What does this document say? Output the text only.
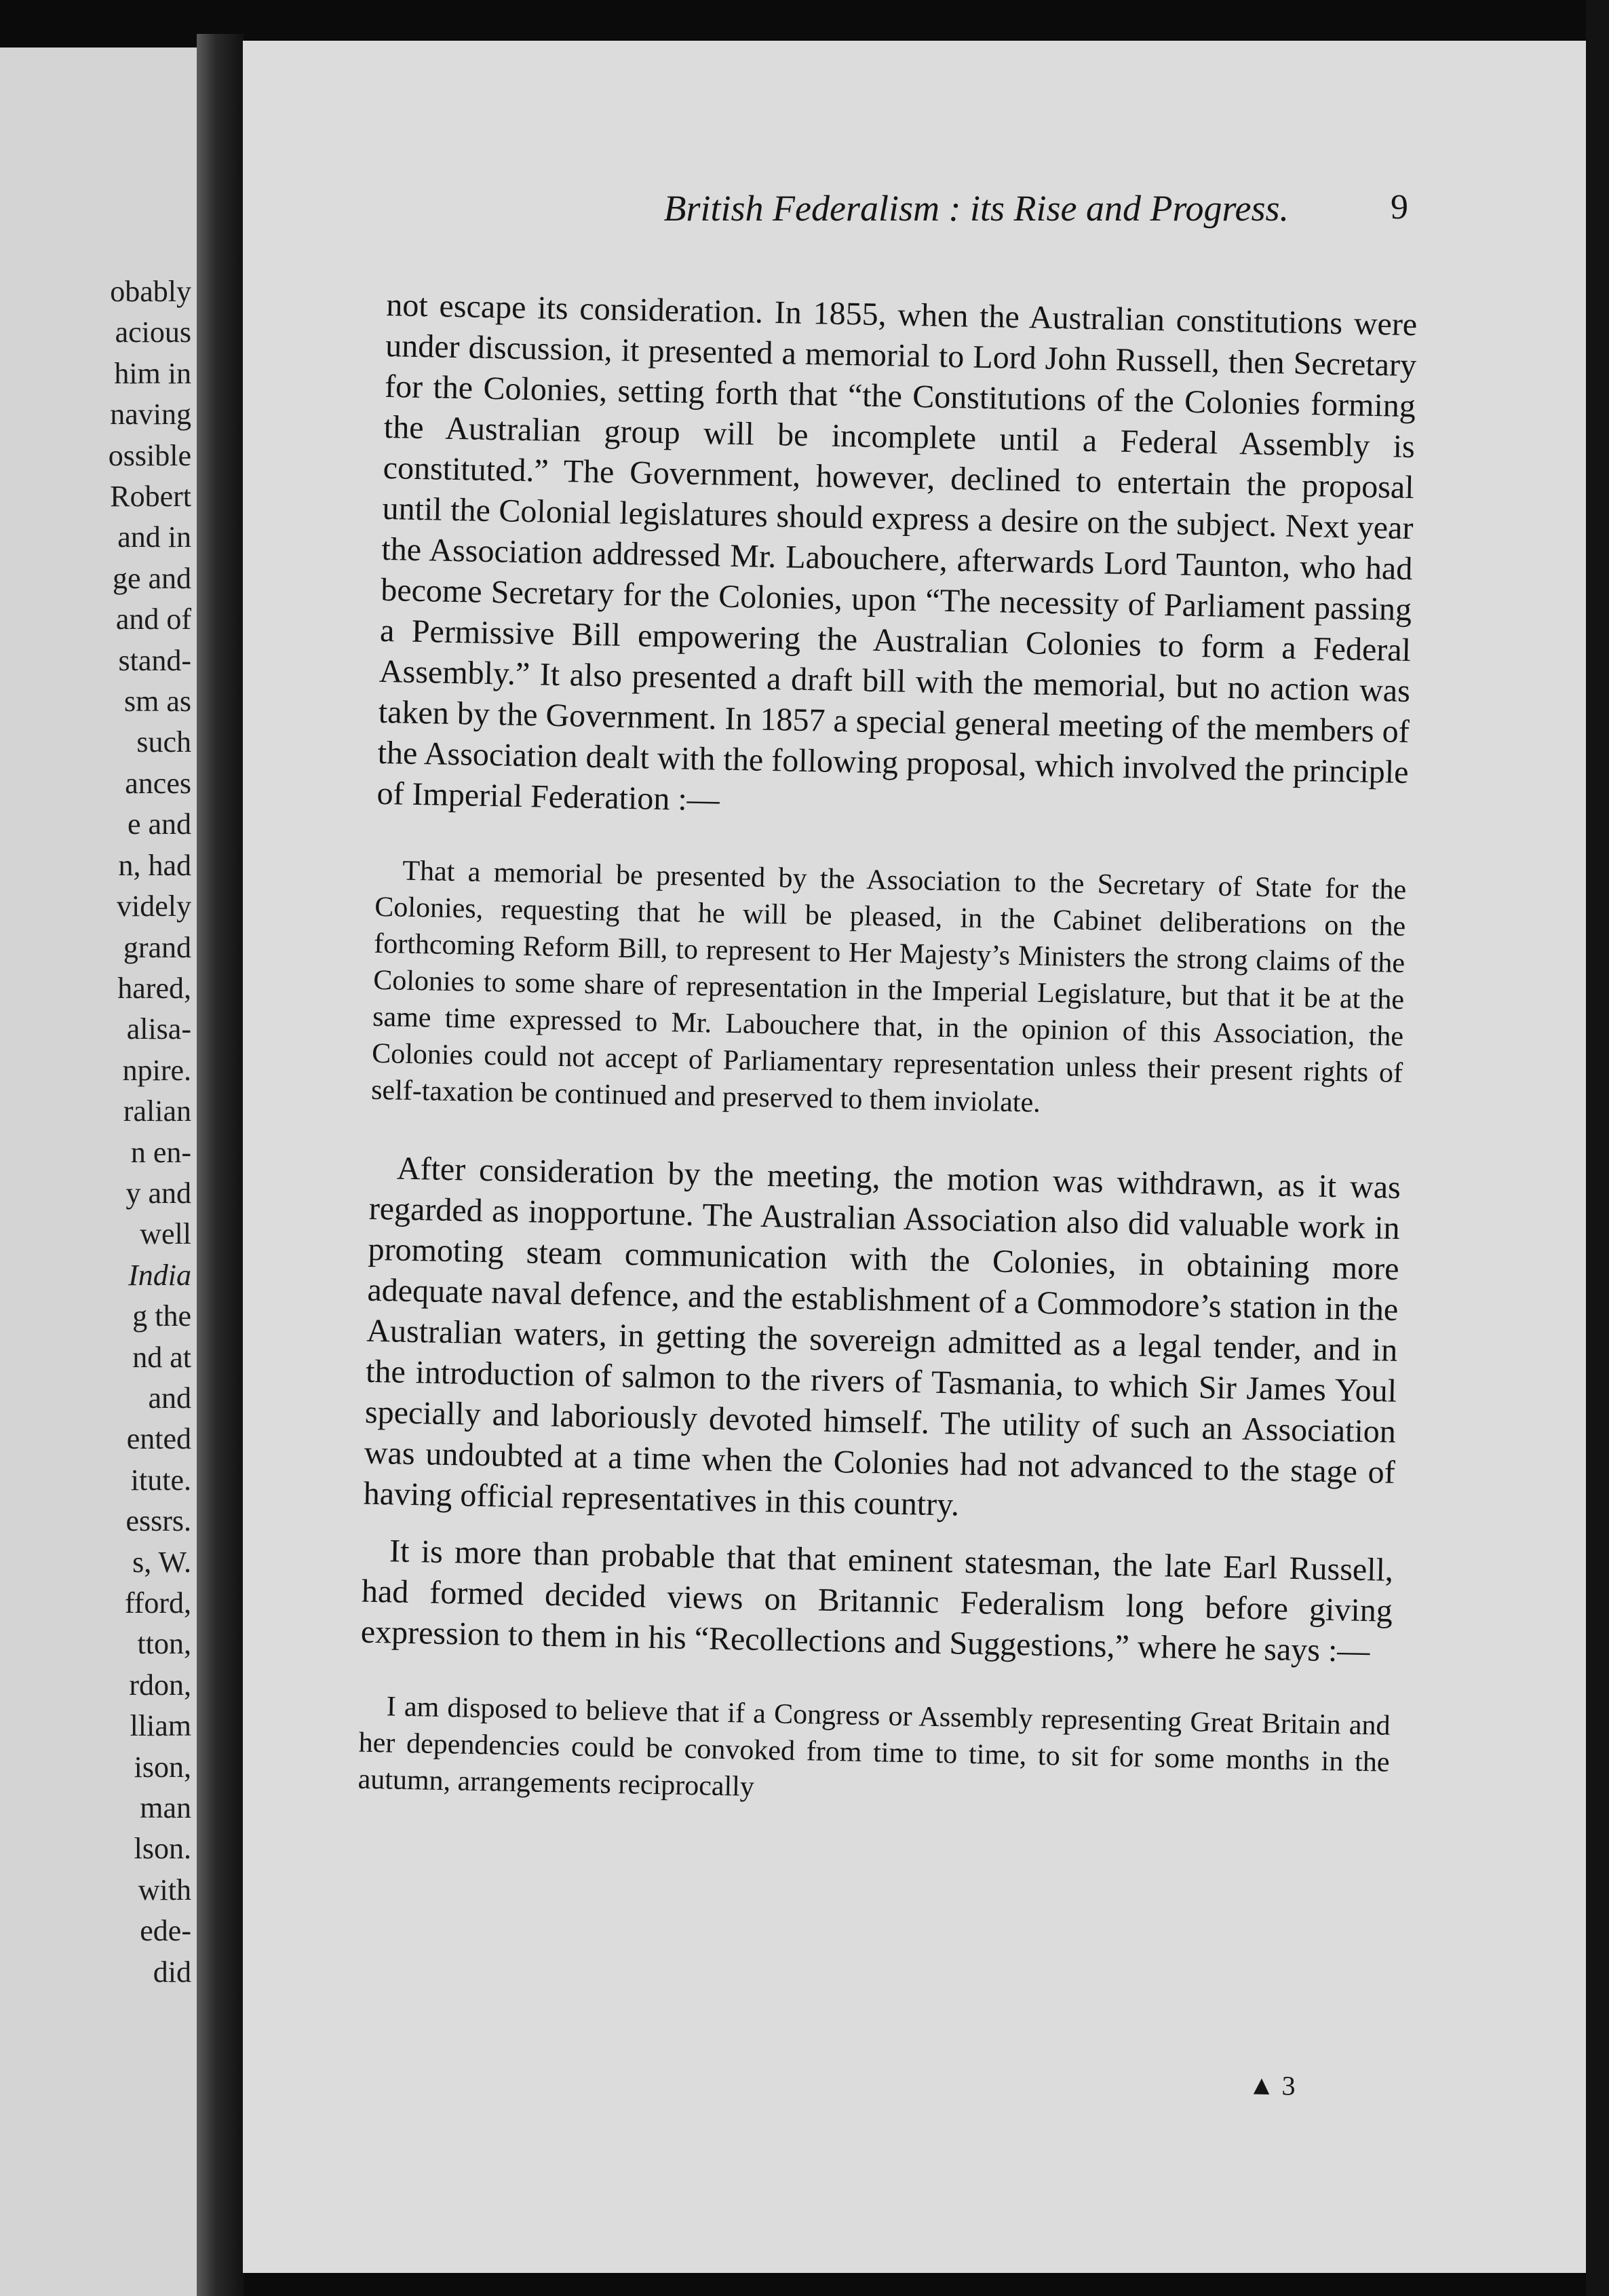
obably
acious
him in
naving
ossible
Robert
and in
ge and
and of
stand-
sm as
such
ances
e and
n, had
videly
grand
hared,
alisa-
npire.
ralian
n en-
y and
well
India
g the
nd at
and
ented
itute.
essrs.
s, W.
fford,
tton,
rdon,
lliam
ison,
man
lson.
with
ede-
did
British Federalism : its Rise and Progress.	9

not escape its consideration. In 1855, when the Australian constitutions were under discussion, it presented a memorial to Lord John Russell, then Secretary for the Colonies, setting forth that “the Constitutions of the Colonies forming the Australian group will be incomplete until a Federal Assembly is constituted.” The Government, however, declined to entertain the proposal until the Colonial legislatures should express a desire on the subject. Next year the Association addressed Mr. Labouchere, afterwards Lord Taunton, who had become Secretary for the Colonies, upon “The necessity of Parliament passing a Permissive Bill empowering the Australian Colonies to form a Federal Assembly.” It also presented a draft bill with the memorial, but no action was taken by the Government. In 1857 a special general meeting of the members of the Association dealt with the following proposal, which involved the principle of Imperial Federation :—

That a memorial be presented by the Association to the Secretary of State for the Colonies, requesting that he will be pleased, in the Cabinet deliberations on the forthcoming Reform Bill, to represent to Her Majesty’s Ministers the strong claims of the Colonies to some share of representation in the Imperial Legislature, but that it be at the same time expressed to Mr. Labouchere that, in the opinion of this Association, the Colonies could not accept of Parliamentary representation unless their present rights of self-taxation be continued and preserved to them inviolate.

After consideration by the meeting, the motion was withdrawn, as it was regarded as inopportune. The Australian Association also did valuable work in promoting steam communication with the Colonies, in obtaining more adequate naval defence, and the establishment of a Commodore’s station in the Australian waters, in getting the sovereign admitted as a legal tender, and in the introduction of salmon to the rivers of Tasmania, to which Sir James Youl specially and laboriously devoted himself. The utility of such an Association was undoubted at a time when the Colonies had not advanced to the stage of having official representatives in this country.

It is more than probable that that eminent statesman, the late Earl Russell, had formed decided views on Britannic Federalism long before giving expression to them in his “Recollections and Suggestions,” where he says :—

I am disposed to believe that if a Congress or Assembly representing Great Britain and her dependencies could be convoked from time to time, to sit for some months in the autumn, arrangements reciprocally

▲ 3
